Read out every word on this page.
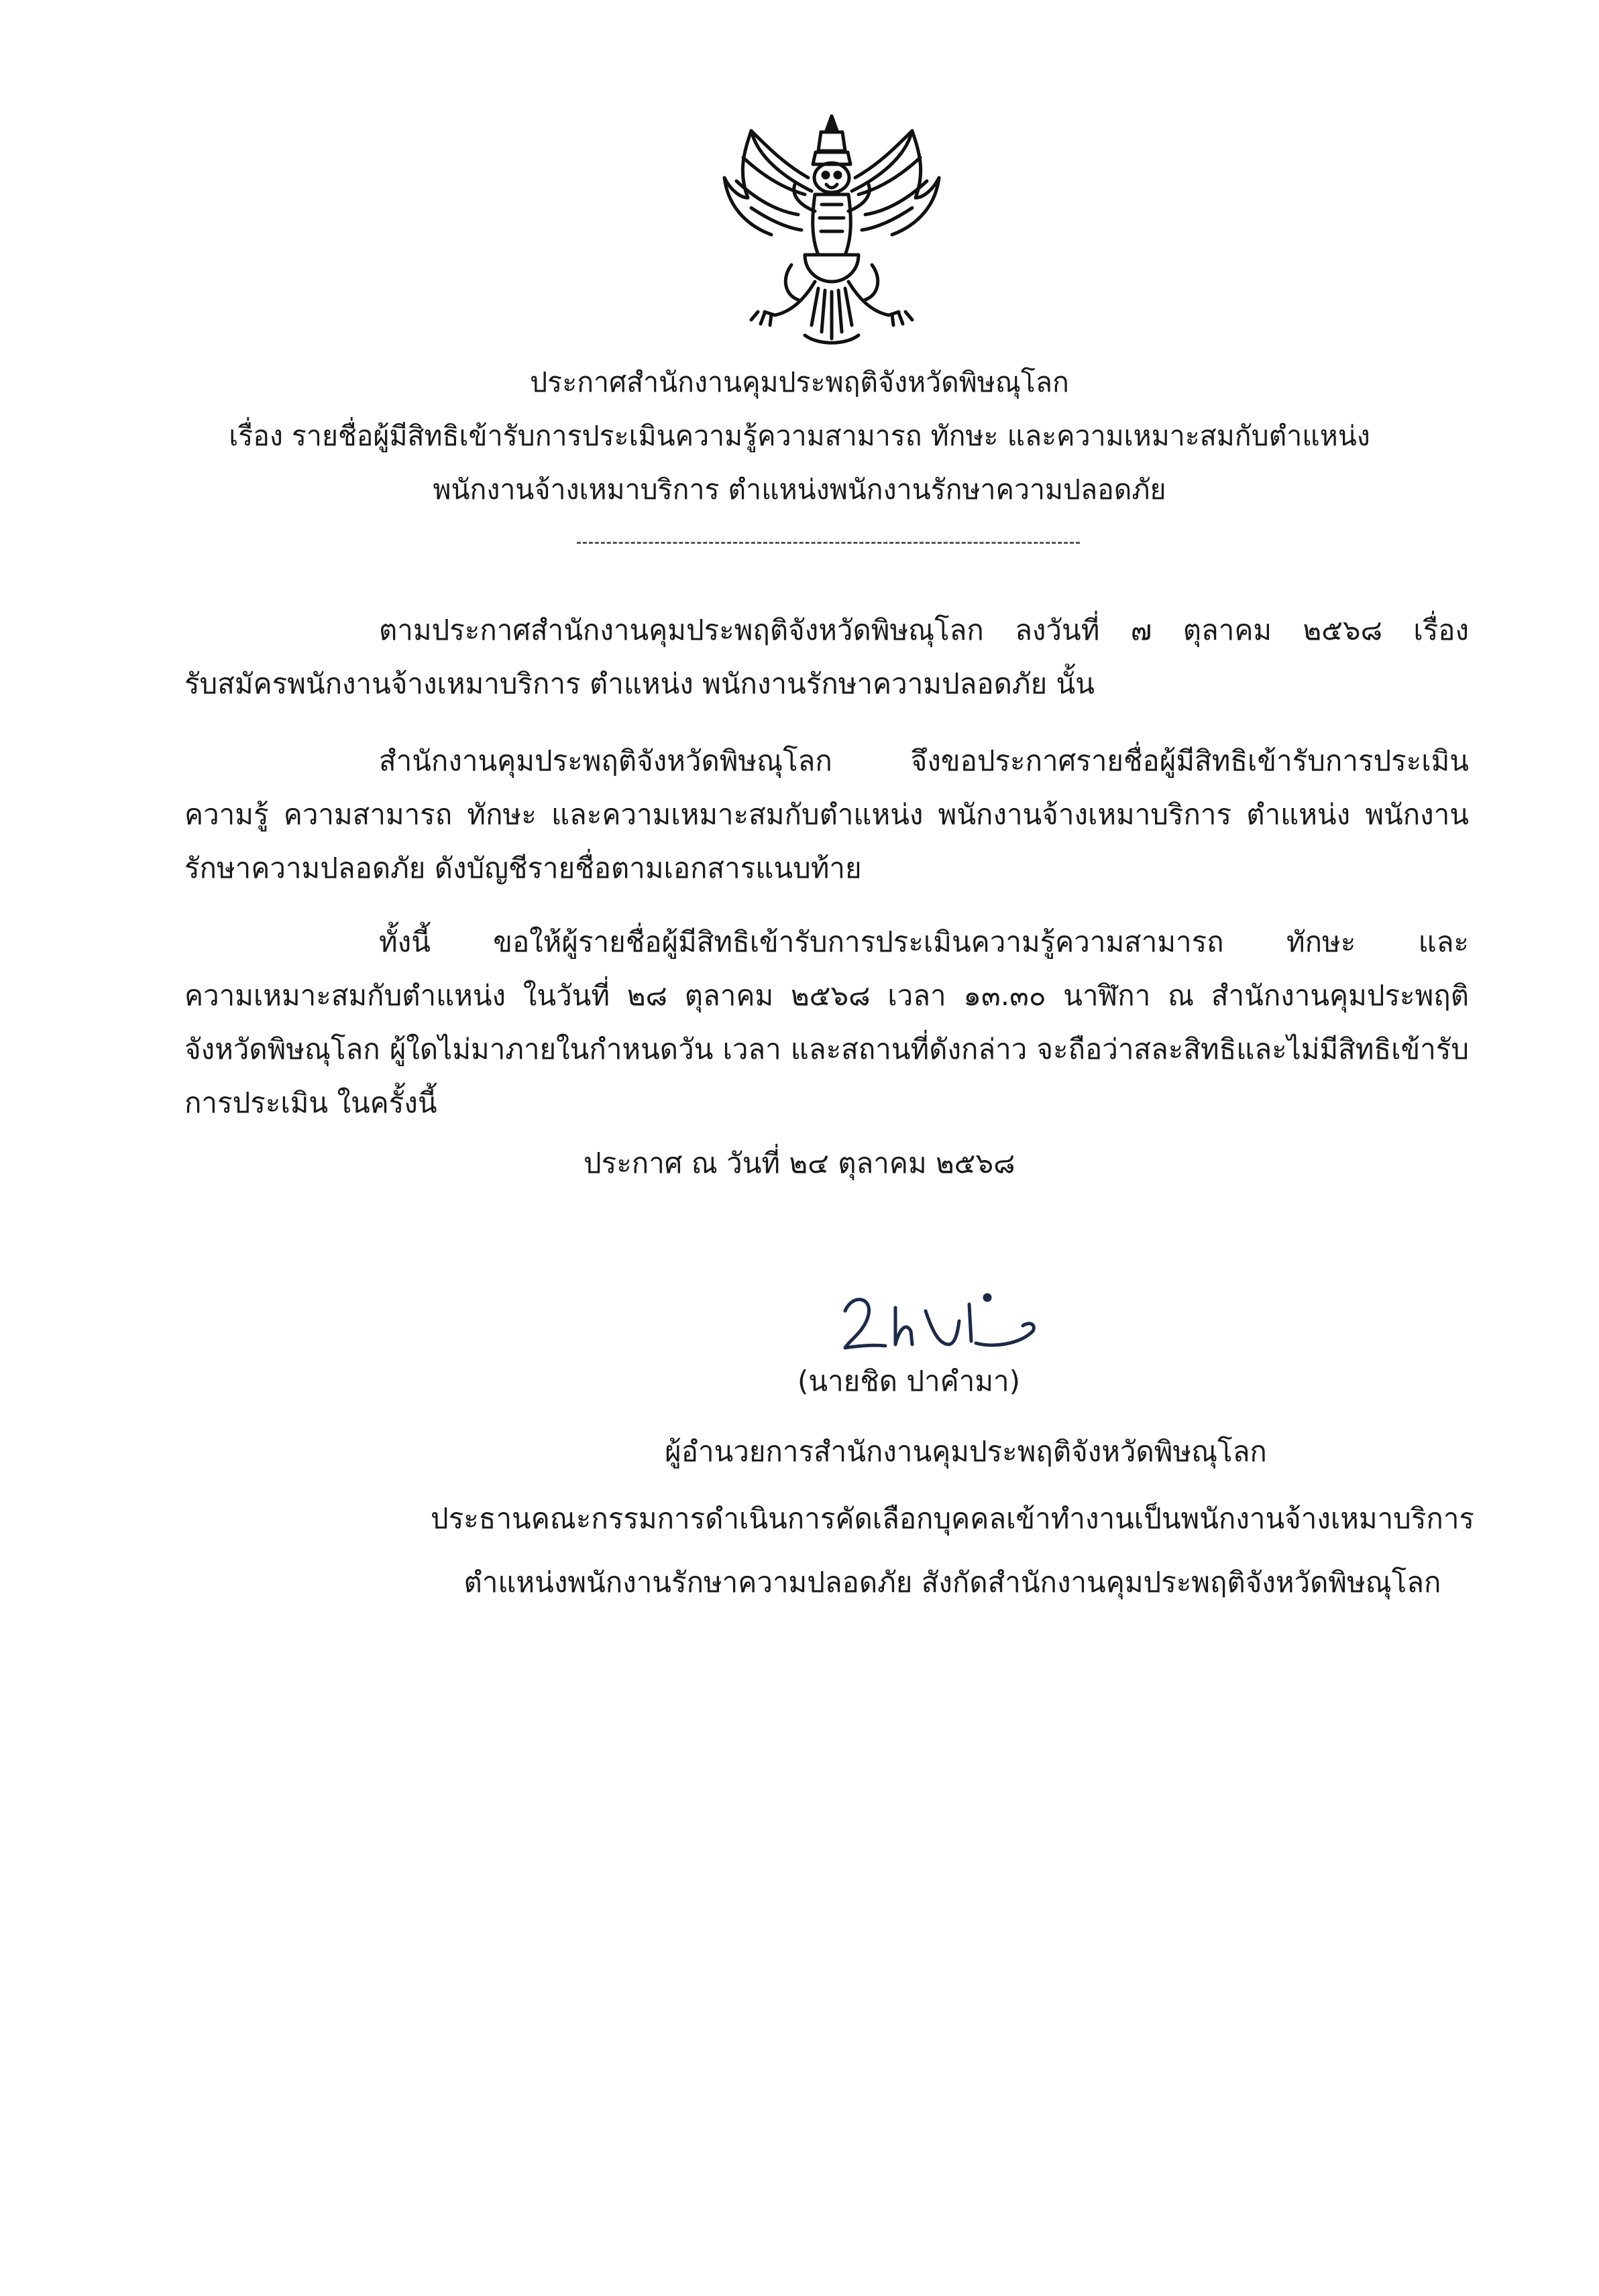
ประกาศสำนักงานคุมประพฤติจังหวัดพิษณุโลก
เรื่อง รายชื่อผู้มีสิทธิเข้ารับการประเมินความรู้ความสามารถ ทักษะ และความเหมาะสมกับตำแหน่ง
พนักงานจ้างเหมาบริการ ตำแหน่งพนักงานรักษาความปลอดภัย
ตามประกาศสำนักงานคุมประพฤติจังหวัดพิษณุโลก ลงวันที่ ๗ ตุลาคม ๒๕๖๘ เรื่อง
รับสมัครพนักงานจ้างเหมาบริการ ตำแหน่ง พนักงานรักษาความปลอดภัย นั้น
สำนักงานคุมประพฤติจังหวัดพิษณุโลก จึงขอประกาศรายชื่อผู้มีสิทธิเข้ารับการประเมิน
ความรู้ ความสามารถ ทักษะ และความเหมาะสมกับตำแหน่ง พนักงานจ้างเหมาบริการ ตำแหน่ง พนักงาน
รักษาความปลอดภัย ดังบัญชีรายชื่อตามเอกสารแนบท้าย
ทั้งนี้ ขอให้ผู้รายชื่อผู้มีสิทธิเข้ารับการประเมินความรู้ความสามารถ ทักษะ และ
ความเหมาะสมกับตำแหน่ง ในวันที่ ๒๘ ตุลาคม ๒๕๖๘ เวลา ๑๓.๓๐ นาฬิกา ณ สำนักงานคุมประพฤติ
จังหวัดพิษณุโลก ผู้ใดไม่มาภายในกำหนดวัน เวลา และสถานที่ดังกล่าว จะถือว่าสละสิทธิและไม่มีสิทธิเข้ารับ
การประเมิน ในครั้งนี้
ประกาศ ณ วันที่ ๒๔ ตุลาคม ๒๕๖๘
(นายชิด ปาคำมา)
ผู้อำนวยการสำนักงานคุมประพฤติจังหวัดพิษณุโลก
ประธานคณะกรรมการดำเนินการคัดเลือกบุคคลเข้าทำงานเป็นพนักงานจ้างเหมาบริการ
ตำแหน่งพนักงานรักษาความปลอดภัย สังกัดสำนักงานคุมประพฤติจังหวัดพิษณุโลก
